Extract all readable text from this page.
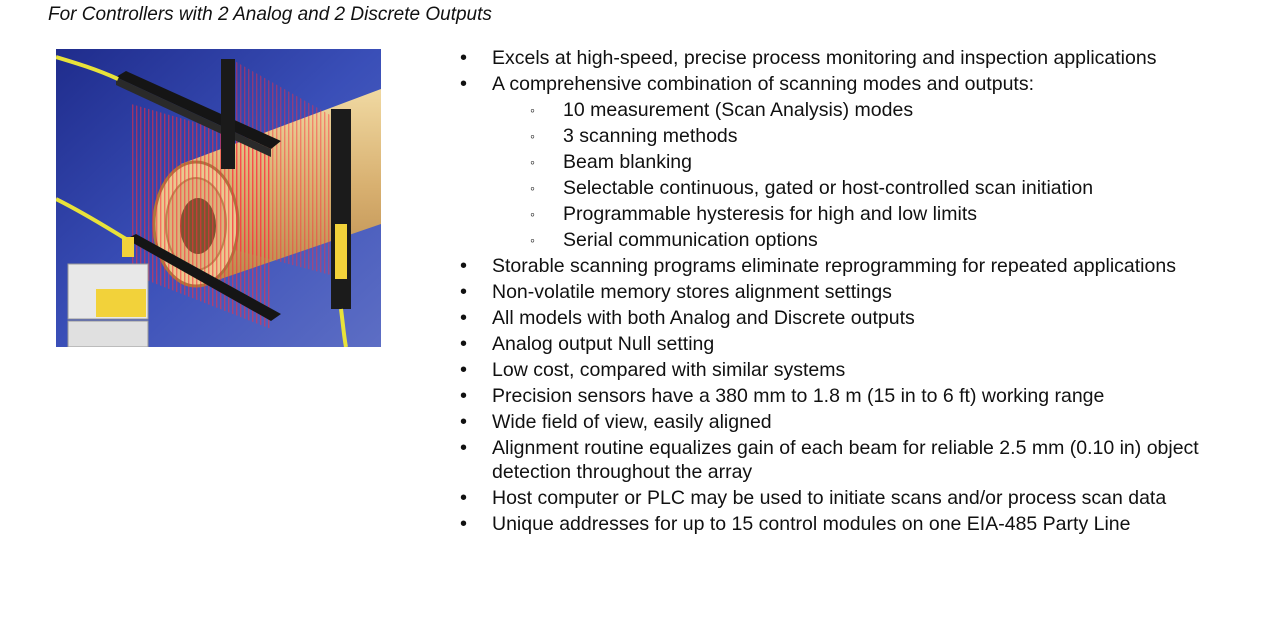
For Controllers with 2 Analog and 2 Discrete Outputs
• Excels at high-speed, precise process monitoring and inspection applications
• A comprehensive combination of scanning modes and outputs:
◦ 10 measurement (Scan Analysis) modes
◦ 3 scanning methods
◦ Beam blanking
◦ Selectable continuous, gated or host-controlled scan initiation
◦ Programmable hysteresis for high and low limits
◦ Serial communication options
• Storable scanning programs eliminate reprogramming for repeated applications
• Non-volatile memory stores alignment settings
• All models with both Analog and Discrete outputs
• Analog output Null setting
• Low cost, compared with similar systems
• Precision sensors have a 380 mm to 1.8 m (15 in to 6 ft) working range
• Wide field of view, easily aligned
• Alignment routine equalizes gain of each beam for reliable 2.5 mm (0.10 in) object detection throughout the array
• Host computer or PLC may be used to initiate scans and/or process scan data
• Unique addresses for up to 15 control modules on one EIA-485 Party Line
